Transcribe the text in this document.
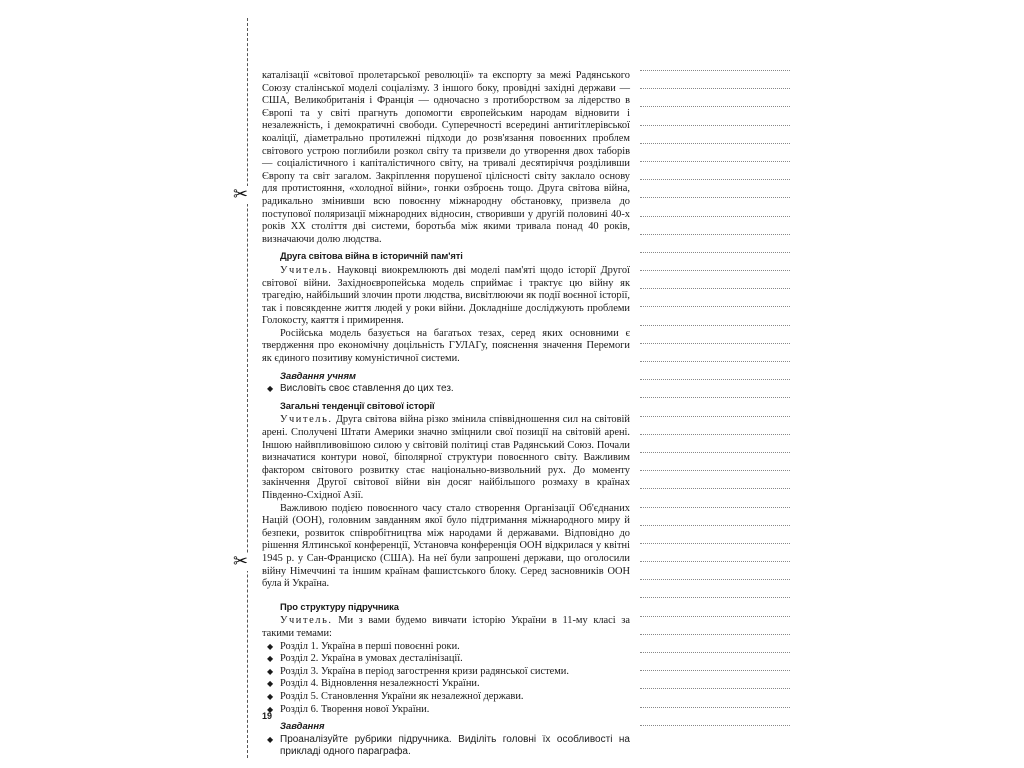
✂
✂

каталізації «світової пролетарської революції» та експорту за межі Радянського Союзу сталінської моделі соціалізму. З іншого боку, провідні західні держави — США, Великобританія і Франція — одночасно з протиборством за лідерство в Європі та у світі прагнуть допомогти європейським народам відновити і незалежність, і демократичні свободи. Суперечності всередині антигітлерівської коаліції, діаметрально протилежні підходи до розв'язання повоєнних проблем світового устрою поглибили розкол світу та призвели до утворення двох таборів — соціалістичного і капіталістичного світу, на тривалі десятиріччя розділивши Європу та світ загалом. Закріплення порушеної цілісності світу заклало основу для протистояння, «холодної війни», гонки озброєнь тощо. Друга світова війна, радикально змінивши всю повоєнну міжнародну обстановку, призвела до поступової поляризації міжнародних відносин, створивши у другій половині 40-х років XX століття дві системи, боротьба між якими тривала понад 40 років, визначаючи долю людства.

Друга світова війна в історичній пам'яті

Учитель. Науковці виокремлюють дві моделі пам'яті щодо історії Другої світової війни. Західноєвропейська модель сприймає і трактує цю війну як трагедію, найбільший злочин проти людства, висвітлюючи як події воєнної історії, так і повсякденне життя людей у роки війни. Докладніше досліджують проблеми Голокосту, каяття і примирення.

Російська модель базується на багатьох тезах, серед яких основними є твердження про економічну доцільність ГУЛАГу, пояснення значення Перемоги як єдиного позитиву комуністичної системи.

Завдання учням
◆ Висловіть своє ставлення до цих тез.
Загальні тенденції світової історії

Учитель. Друга світова війна різко змінила співвідношення сил на світовій арені. Сполучені Штати Америки значно зміцнили свої позиції на світовій арені. Іншою найвпливовішою силою у світовій політиці став Радянський Союз. Почали визначатися контури нової, біполярної структури повоєнного світу. Важливим фактором світового розвитку стає національно-визвольний рух. До моменту закінчення Другої світової війни він досяг найбільшого розмаху в країнах Південно-Східної Азії.

Важливою подією повоєнного часу стало створення Організації Об'єднаних Націй (ООН), головним завданням якої було підтримання міжнародного миру й безпеки, розвиток співробітництва між народами й державами. Відповідно до рішення Ялтинської конференції, Установча конференція ООН відкрилася у квітні 1945 р. у Сан-Франциско (США). На неї були запрошені держави, що оголосили війну Німеччині та іншим країнам фашистського блоку. Серед засновників ООН була й Україна.

Про структуру підручника

Учитель. Ми з вами будемо вивчати історію України в 11-му класі за такими темами:

◆ Розділ 1. Україна в перші повоєнні роки.
◆ Розділ 2. Україна в умовах десталінізації.
◆ Розділ 3. Україна в період загострення кризи радянської системи.
◆ Розділ 4. Відновлення незалежності України.
◆ Розділ 5. Становлення України як незалежної держави.
◆ Розділ 6. Творення нової України.
Завдання
◆ Проаналізуйте рубрики підручника. Виділіть головні їх особливості на прикладі одного параграфа.
19
